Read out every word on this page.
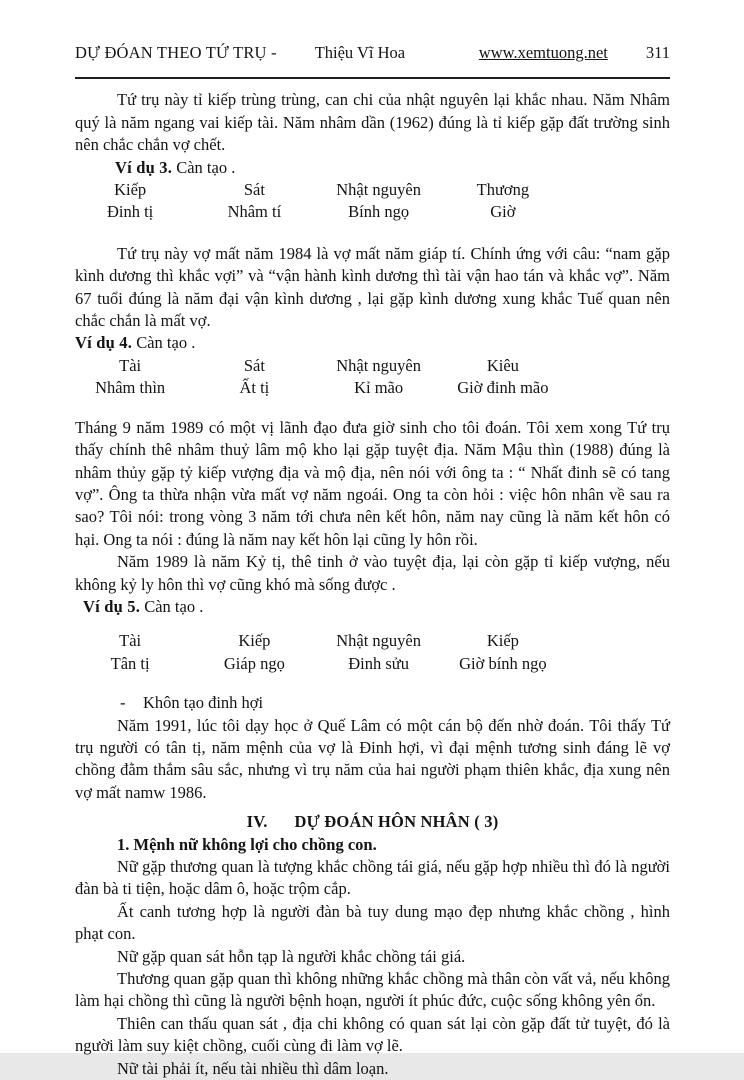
DỰ ĐÓAN THEO TỨ TRỤ - Thiệu Vĩ Hoa	www.xemtuong.net 311

Tứ trụ này tỉ kiếp trùng trùng, can chi của nhật nguyên lại khắc nhau. Năm Nhâm quý là năm ngang vai kiếp tài. Năm nhâm dần (1962) đúng là tỉ kiếp gặp đất trường sinh nên chắc chắn vợ chết.

Ví dụ 3. Càn tạo .

Kiếp	Sát	Nhật nguyên	Thương
Đinh tị	Nhâm tí	Bính ngọ	Giờ

Tứ trụ này vợ mất năm 1984 là vợ mất năm giáp tí. Chính ứng với câu: “nam gặp kình dương thì khắc vợi” và “vận hành kình dương thì tài vận hao tán và khắc vợ”. Năm 67 tuổi đúng là năm đại vận kình dương , lại gặp kình dương xung khắc Tuế quan nên chắc chắn là mất vợ.

Ví dụ 4. Càn tạo .

Tài	Sát	Nhật nguyên	Kiêu
Nhâm thìn	Ất tị	Kỉ mão	Giờ đinh mão

Tháng 9 năm 1989 có một vị lãnh đạo đưa giờ sinh cho tôi đoán. Tôi xem xong Tứ trụ thấy chính thê nhâm thuỷ lâm mộ kho lại gặp tuyệt địa. Năm Mậu thìn (1988) đúng là nhâm thủy gặp tỷ kiếp vượng địa và mộ địa, nên nói với ông ta : “ Nhất đinh sẽ có tang vợ”. Ông ta thừa nhận vừa mất vợ năm ngoái. Ong ta còn hỏi : việc hôn nhân về sau ra sao? Tôi nói: trong vòng 3 năm tới chưa nên kết hôn, năm nay cũng là năm kết hôn có hại. Ong ta nói : đúng là năm nay kết hôn lại cũng ly hôn rồi.

Năm 1989 là năm Kỷ tị, thê tinh ở vào tuyệt địa, lại còn gặp tỉ kiếp vượng, nếu không kỷ ly hôn thì vợ cũng khó mà sống được .

Ví dụ 5. Càn tạo .

Tài	Kiếp	Nhật nguyên	Kiếp
Tân tị	Giáp ngọ	Đinh sửu	Giờ bính ngọ

- Khôn tạo đinh hợi

Năm 1991, lúc tôi dạy học ở Quế Lâm có một cán bộ đến nhờ đoán. Tôi thấy Tứ trụ người có tân tị, năm mệnh của vợ là Đinh hợi, vì đại mệnh tương sinh đáng lẽ vợ chồng đằm thắm sâu sắc, nhưng vì trụ năm của hai người phạm thiên khắc, địa xung nên vợ mất namw 1986.

IV. DỰ ĐOÁN HÔN NHÂN ( 3)

1. Mệnh nữ không lợi cho chồng con.

Nữ gặp thương quan là tượng khắc chồng tái giá, nếu gặp hợp nhiều thì đó là người đàn bà ti tiện, hoặc dâm ô, hoặc trộm cắp.

Ất canh tương hợp là người đàn bà tuy dung mạo đẹp nhưng khắc chồng , hình phạt con.

Nữ gặp quan sát hỗn tạp là người khắc chồng tái giá.

Thương quan gặp quan thì không những khắc chồng mà thân còn vất vả, nếu không làm hại chồng thì cũng là người bệnh hoạn, người ít phúc đức, cuộc sống không yên ổn.

Thiên can thấu quan sát , địa chi không có quan sát lại còn gặp đất tử tuyệt, đó là người làm suy kiệt chồng, cuối cùng đi làm vợ lẽ.

Nữ tài phải ít, nếu tài nhiều thì dâm loạn.
